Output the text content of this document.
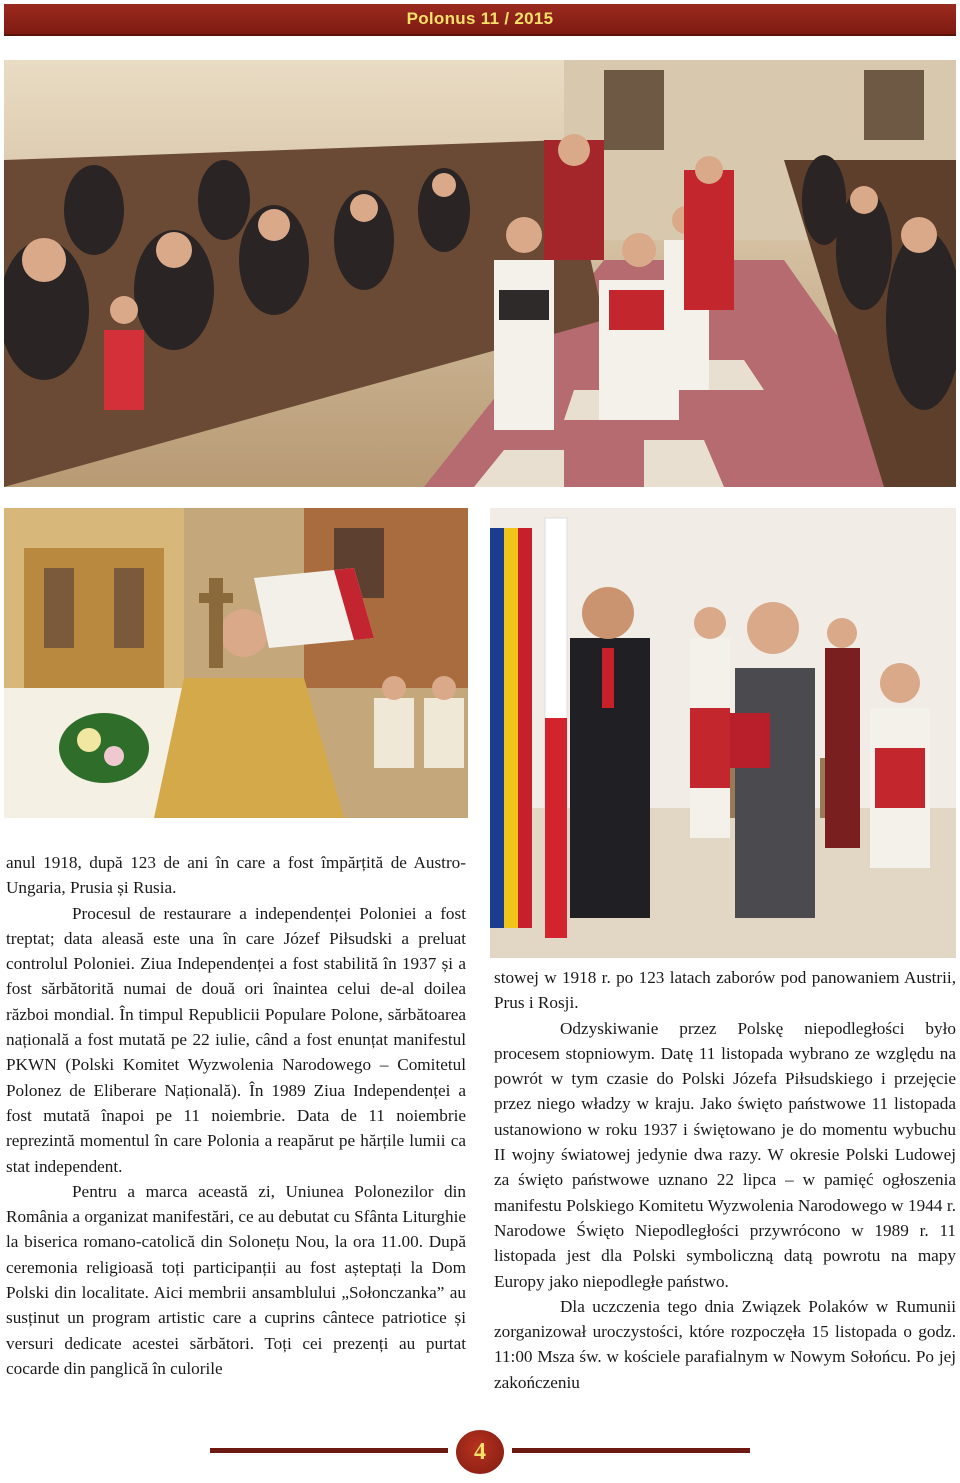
Polonus 11 / 2015

anul 1918, după 123 de ani în care a fost împărțită de Austro-Ungaria, Prusia și Rusia.

Procesul de restaurare a independenței Poloniei a fost treptat; data aleasă este una în care Józef Piłsudski a preluat controlul Poloniei. Ziua Independenței a fost stabilită în 1937 și a fost sărbătorită numai de două ori înaintea celui de-al doilea război mondial. În timpul Republicii Populare Polone, sărbătoarea națională a fost mutată pe 22 iulie, când a fost enunțat manifestul PKWN (Polski Komitet Wyzwolenia Narodowego – Comitetul Polonez de Eliberare Națională). În 1989 Ziua Independenței a fost mutată înapoi pe 11 noiembrie. Data de 11 noiembrie reprezintă momentul în care Polonia a reapărut pe hărțile lumii ca stat independent.

Pentru a marca această zi, Uniunea Polonezilor din România a organizat manifestări, ce au debutat cu Sfânta Liturghie la biserica romano-catolică din Solonețu Nou, la ora 11.00. După ceremonia religioasă toți participanții au fost așteptați la Dom Polski din localitate. Aici membrii ansamblului „Sołonczanka” au susținut un program artistic care a cuprins cântece patriotice și versuri dedicate acestei sărbători. Toți cei prezenți au purtat cocarde din panglică în culorile

stowej w 1918 r. po 123 latach zaborów pod panowaniem Austrii, Prus i Rosji.

Odzyskiwanie przez Polskę niepodległości było procesem stopniowym. Datę 11 listopada wybrano ze względu na powrót w tym czasie do Polski Józefa Piłsudskiego i przejęcie przez niego władzy w kraju. Jako święto państwowe 11 listopada ustanowiono w roku 1937 i świętowano je do momentu wybuchu II wojny światowej jedynie dwa razy. W okresie Polski Ludowej za święto państwowe uznano 22 lipca – w pamięć ogłoszenia manifestu Polskiego Komitetu Wyzwolenia Narodowego w 1944 r. Narodowe Święto Niepodległości przywrócono w 1989 r. 11 listopada jest dla Polski symboliczną datą powrotu na mapy Europy jako niepodległe państwo.

Dla uczczenia tego dnia Związek Polaków w Rumunii zorganizował uroczystości, które rozpoczęła 15 listopada o godz. 11:00 Msza św. w kościele parafialnym w Nowym Sołońcu. Po jej zakończeniu

4
